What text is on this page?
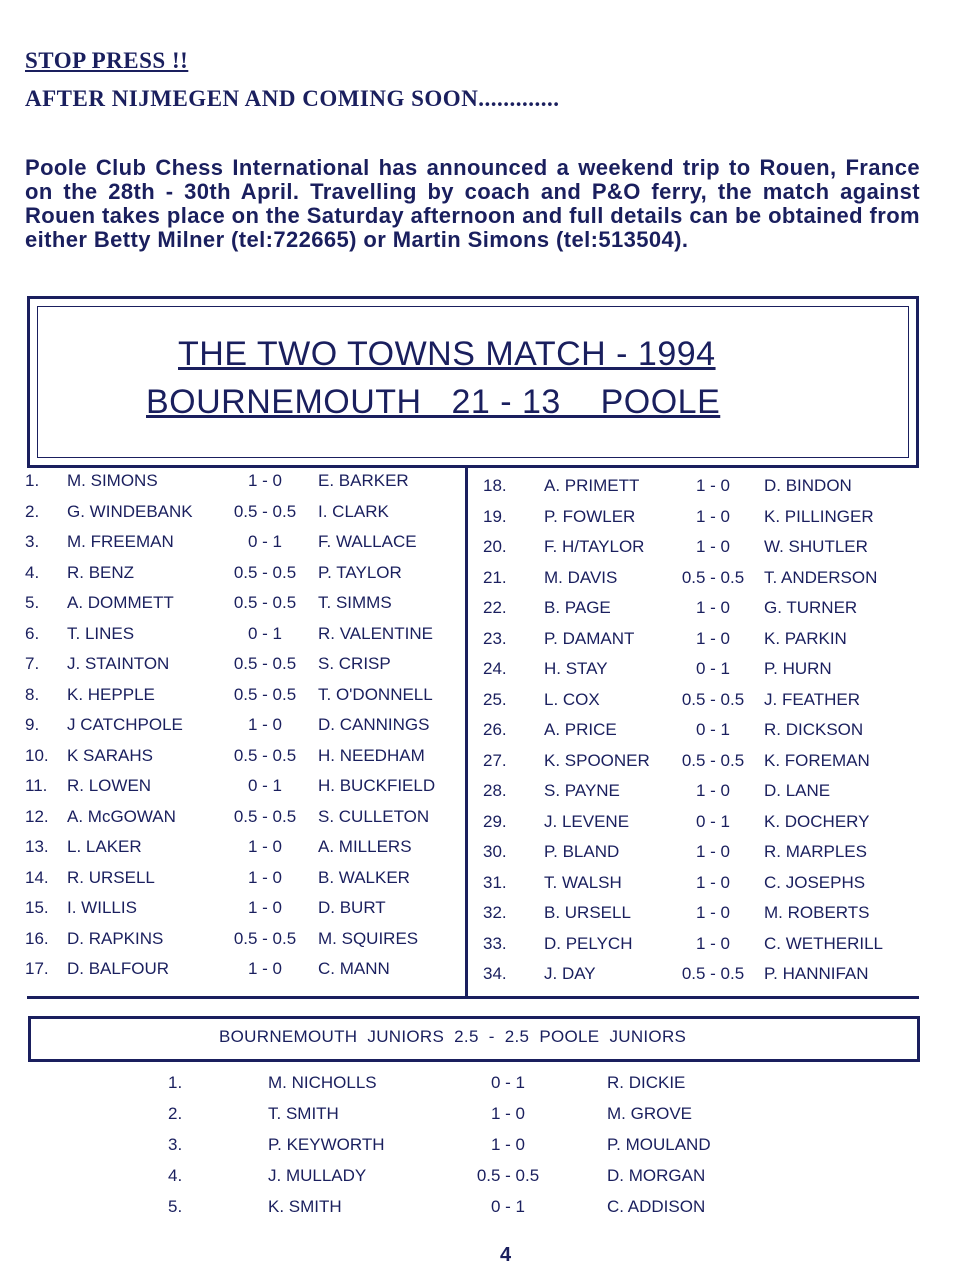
STOP PRESS !!
AFTER NIJMEGEN AND COMING SOON.............

Poole Club Chess International has announced a weekend trip to Rouen, France on the 28th - 30th April. Travelling by coach and P&O ferry, the match against Rouen takes place on the Saturday afternoon and full details can be obtained from either Betty Milner (tel:722665) or Martin Simons (tel:513504).

THE TWO TOWNS MATCH - 1994
BOURNEMOUTH   21 - 13    POOLE
1. M. SIMONS	1 - 0	E. BARKER
2. G. WINDEBANK	0.5 - 0.5	I. CLARK
3. M. FREEMAN	0 - 1	F. WALLACE
4. R. BENZ	0.5 - 0.5	P. TAYLOR
5. A. DOMMETT	0.5 - 0.5	T. SIMMS
6. T. LINES	0 - 1	R. VALENTINE
7. J. STAINTON	0.5 - 0.5	S. CRISP
8. K. HEPPLE	0.5 - 0.5	T. O'DONNELL
9. J CATCHPOLE	1 - 0	D. CANNINGS
10. K SARAHS	0.5 - 0.5	H. NEEDHAM
11. R. LOWEN	0 - 1	H. BUCKFIELD
12. A. McGOWAN	0.5 - 0.5	S. CULLETON
13. L. LAKER	1 - 0	A. MILLERS
14. R. URSELL	1 - 0	B. WALKER
15. I. WILLIS	1 - 0	D. BURT
16. D. RAPKINS	0.5 - 0.5	M. SQUIRES
17. D. BALFOUR	1 - 0	C. MANN
18. A. PRIMETT	1 - 0	D. BINDON
19. P. FOWLER	1 - 0	K. PILLINGER
20. F. H/TAYLOR	1 - 0	W. SHUTLER
21. M. DAVIS	0.5 - 0.5	T. ANDERSON
22. B. PAGE	1 - 0	G. TURNER
23. P. DAMANT	1 - 0	K. PARKIN
24. H. STAY	0 - 1	P. HURN
25. L. COX	0.5 - 0.5	J. FEATHER
26. A. PRICE	0 - 1	R. DICKSON
27. K. SPOONER	0.5 - 0.5	K. FOREMAN
28. S. PAYNE	1 - 0	D. LANE
29. J. LEVENE	0 - 1	K. DOCHERY
30. P. BLAND	1 - 0	R. MARPLES
31. T. WALSH	1 - 0	C. JOSEPHS
32. B. URSELL	1 - 0	M. ROBERTS
33. D. PELYCH	1 - 0	C. WETHERILL
34. J. DAY	0.5 - 0.5	P. HANNIFAN
BOURNEMOUTH  JUNIORS  2.5  -  2.5  POOLE  JUNIORS
1.	M. NICHOLLS	0 - 1	R. DICKIE
2.	T. SMITH	1 - 0	M. GROVE
3.	P. KEYWORTH	1 - 0	P. MOULAND
4.	J. MULLADY	0.5 - 0.5	D. MORGAN
5.	K. SMITH	0 - 1	C. ADDISON
4
